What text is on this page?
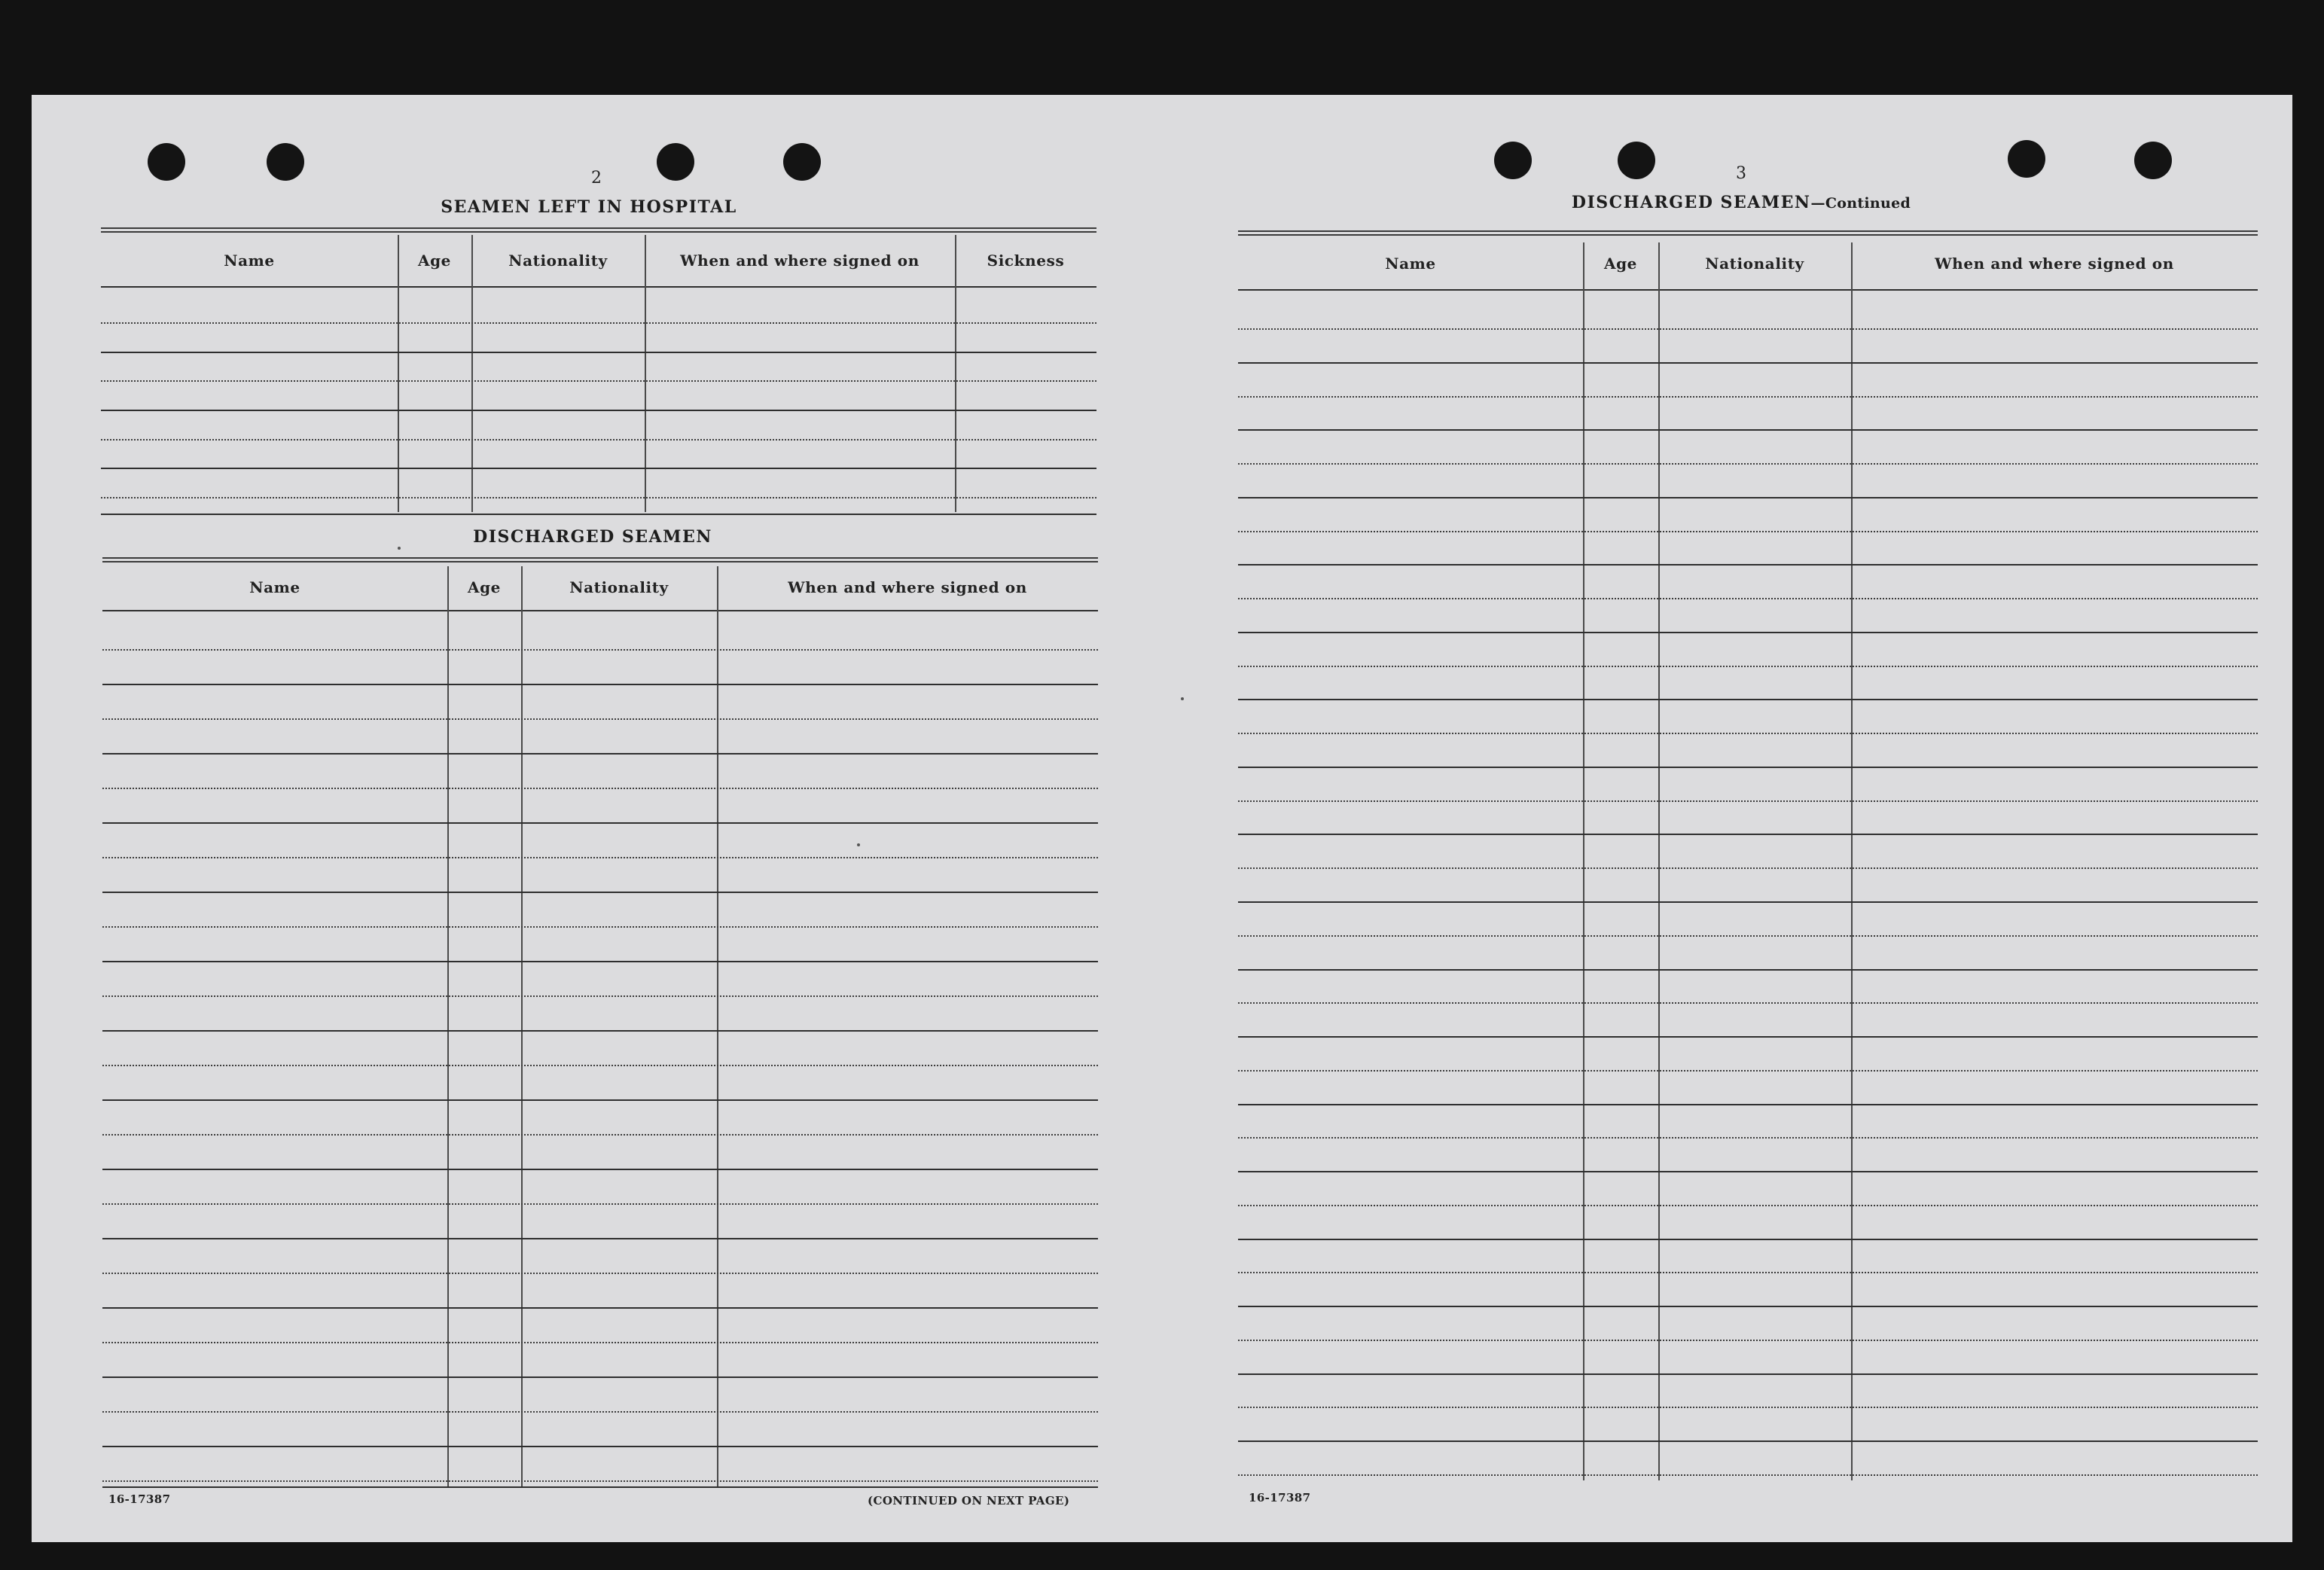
2
SEAMEN LEFT IN HOSPITAL
DISCHARGED SEAMEN
16-17387	(CONTINUED ON NEXT PAGE)
3
DISCHARGED SEAMEN—Continued
16-17387
Name	Age	Nationality	When and where signed on	Sickness
Name	Age	Nationality	When and where signed on
Name	Age	Nationality	When and where signed on
